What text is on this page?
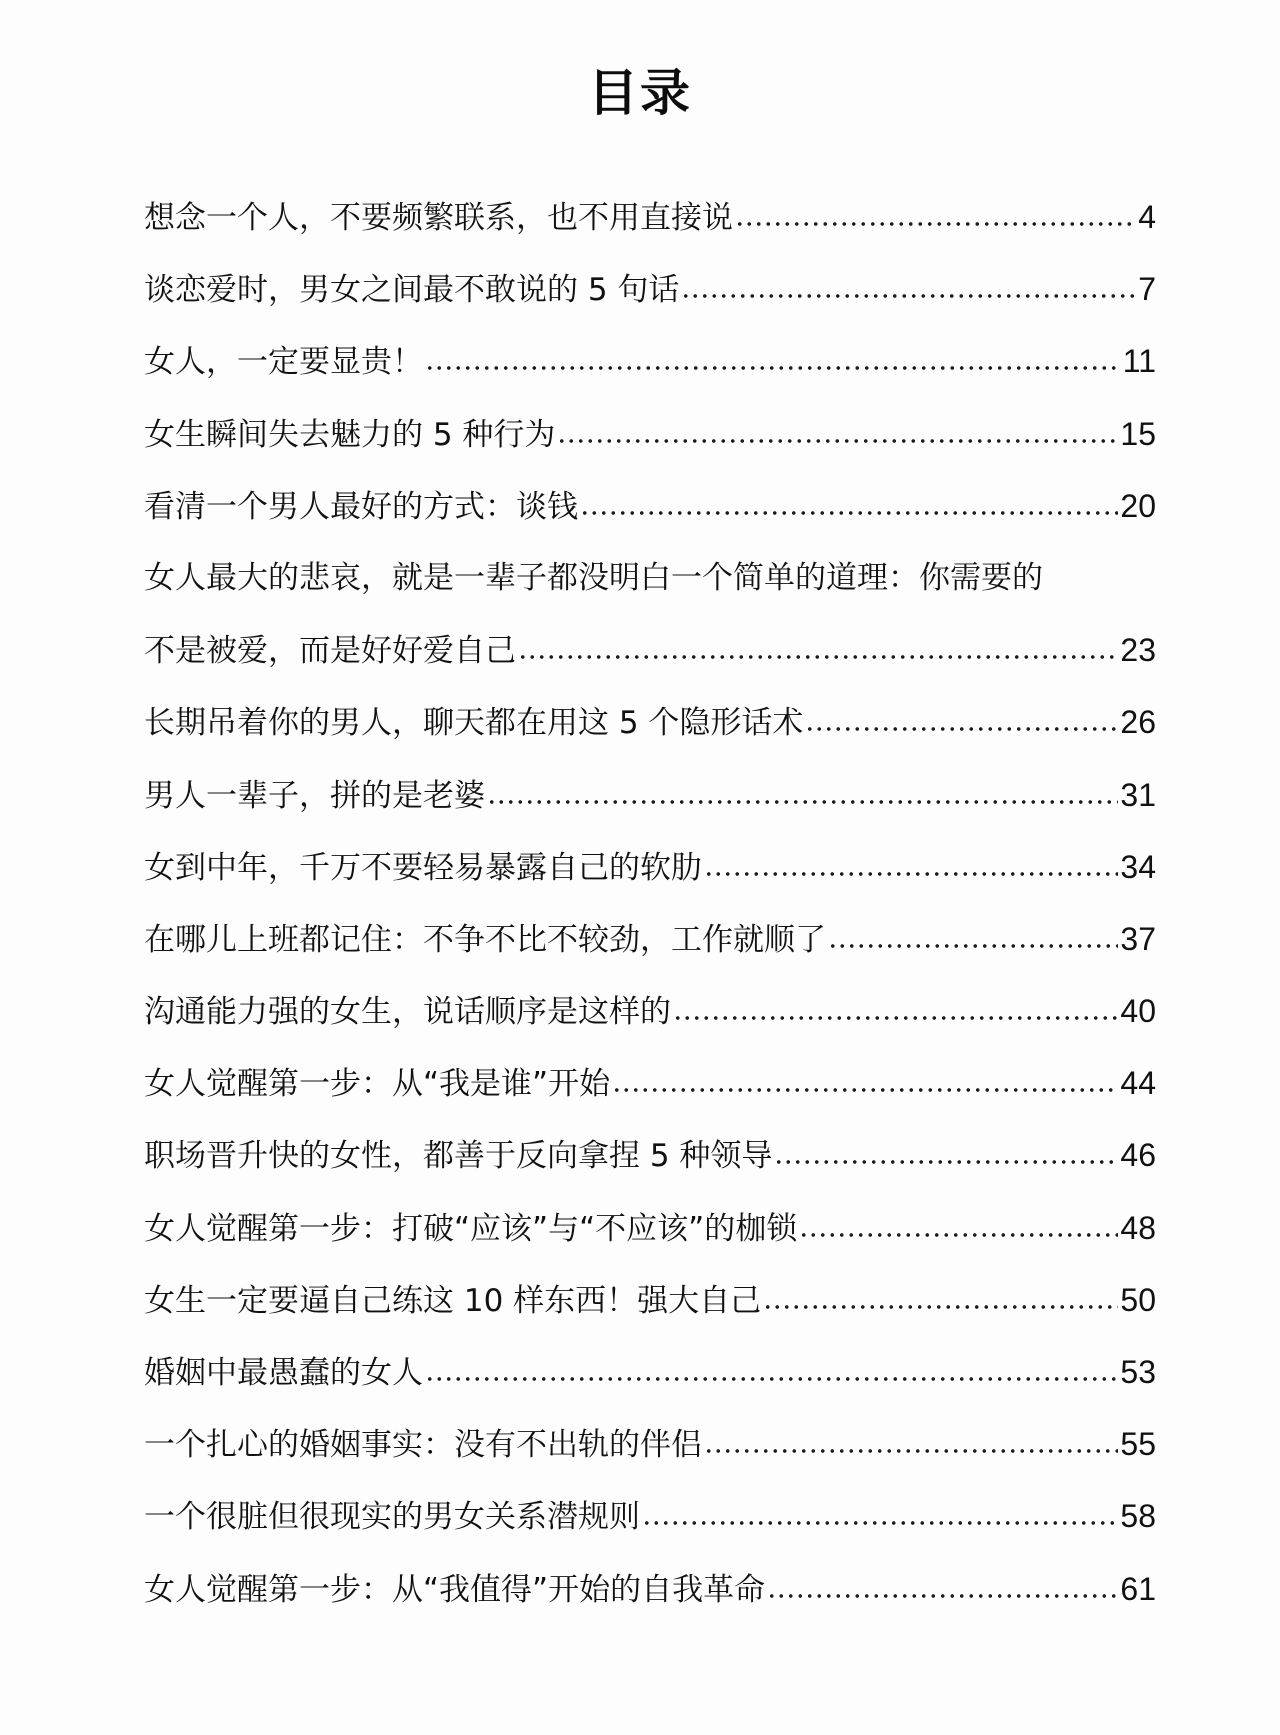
目录
想念一个人，不要频繁联系，也不用直接说	4
谈恋爱时，男女之间最不敢说的 5 句话	7
女人，一定要显贵！	11
女生瞬间失去魅力的 5 种行为	15
看清一个男人最好的方式：谈钱	20
女人最大的悲哀，就是一辈子都没明白一个简单的道理：你需要的
不是被爱，而是好好爱自己	23
长期吊着你的男人，聊天都在用这 5 个隐形话术	26
男人一辈子，拼的是老婆	31
女到中年，千万不要轻易暴露自己的软肋	34
在哪儿上班都记住：不争不比不较劲，工作就顺了	37
沟通能力强的女生，说话顺序是这样的	40
女人觉醒第一步：从“我是谁”开始	44
职场晋升快的女性，都善于反向拿捏 5 种领导	46
女人觉醒第一步：打破“应该”与“不应该”的枷锁	48
女生一定要逼自己练这 10 样东西！强大自己	50
婚姻中最愚蠢的女人	53
一个扎心的婚姻事实：没有不出轨的伴侣	55
一个很脏但很现实的男女关系潜规则	58
女人觉醒第一步：从“我值得”开始的自我革命	61
